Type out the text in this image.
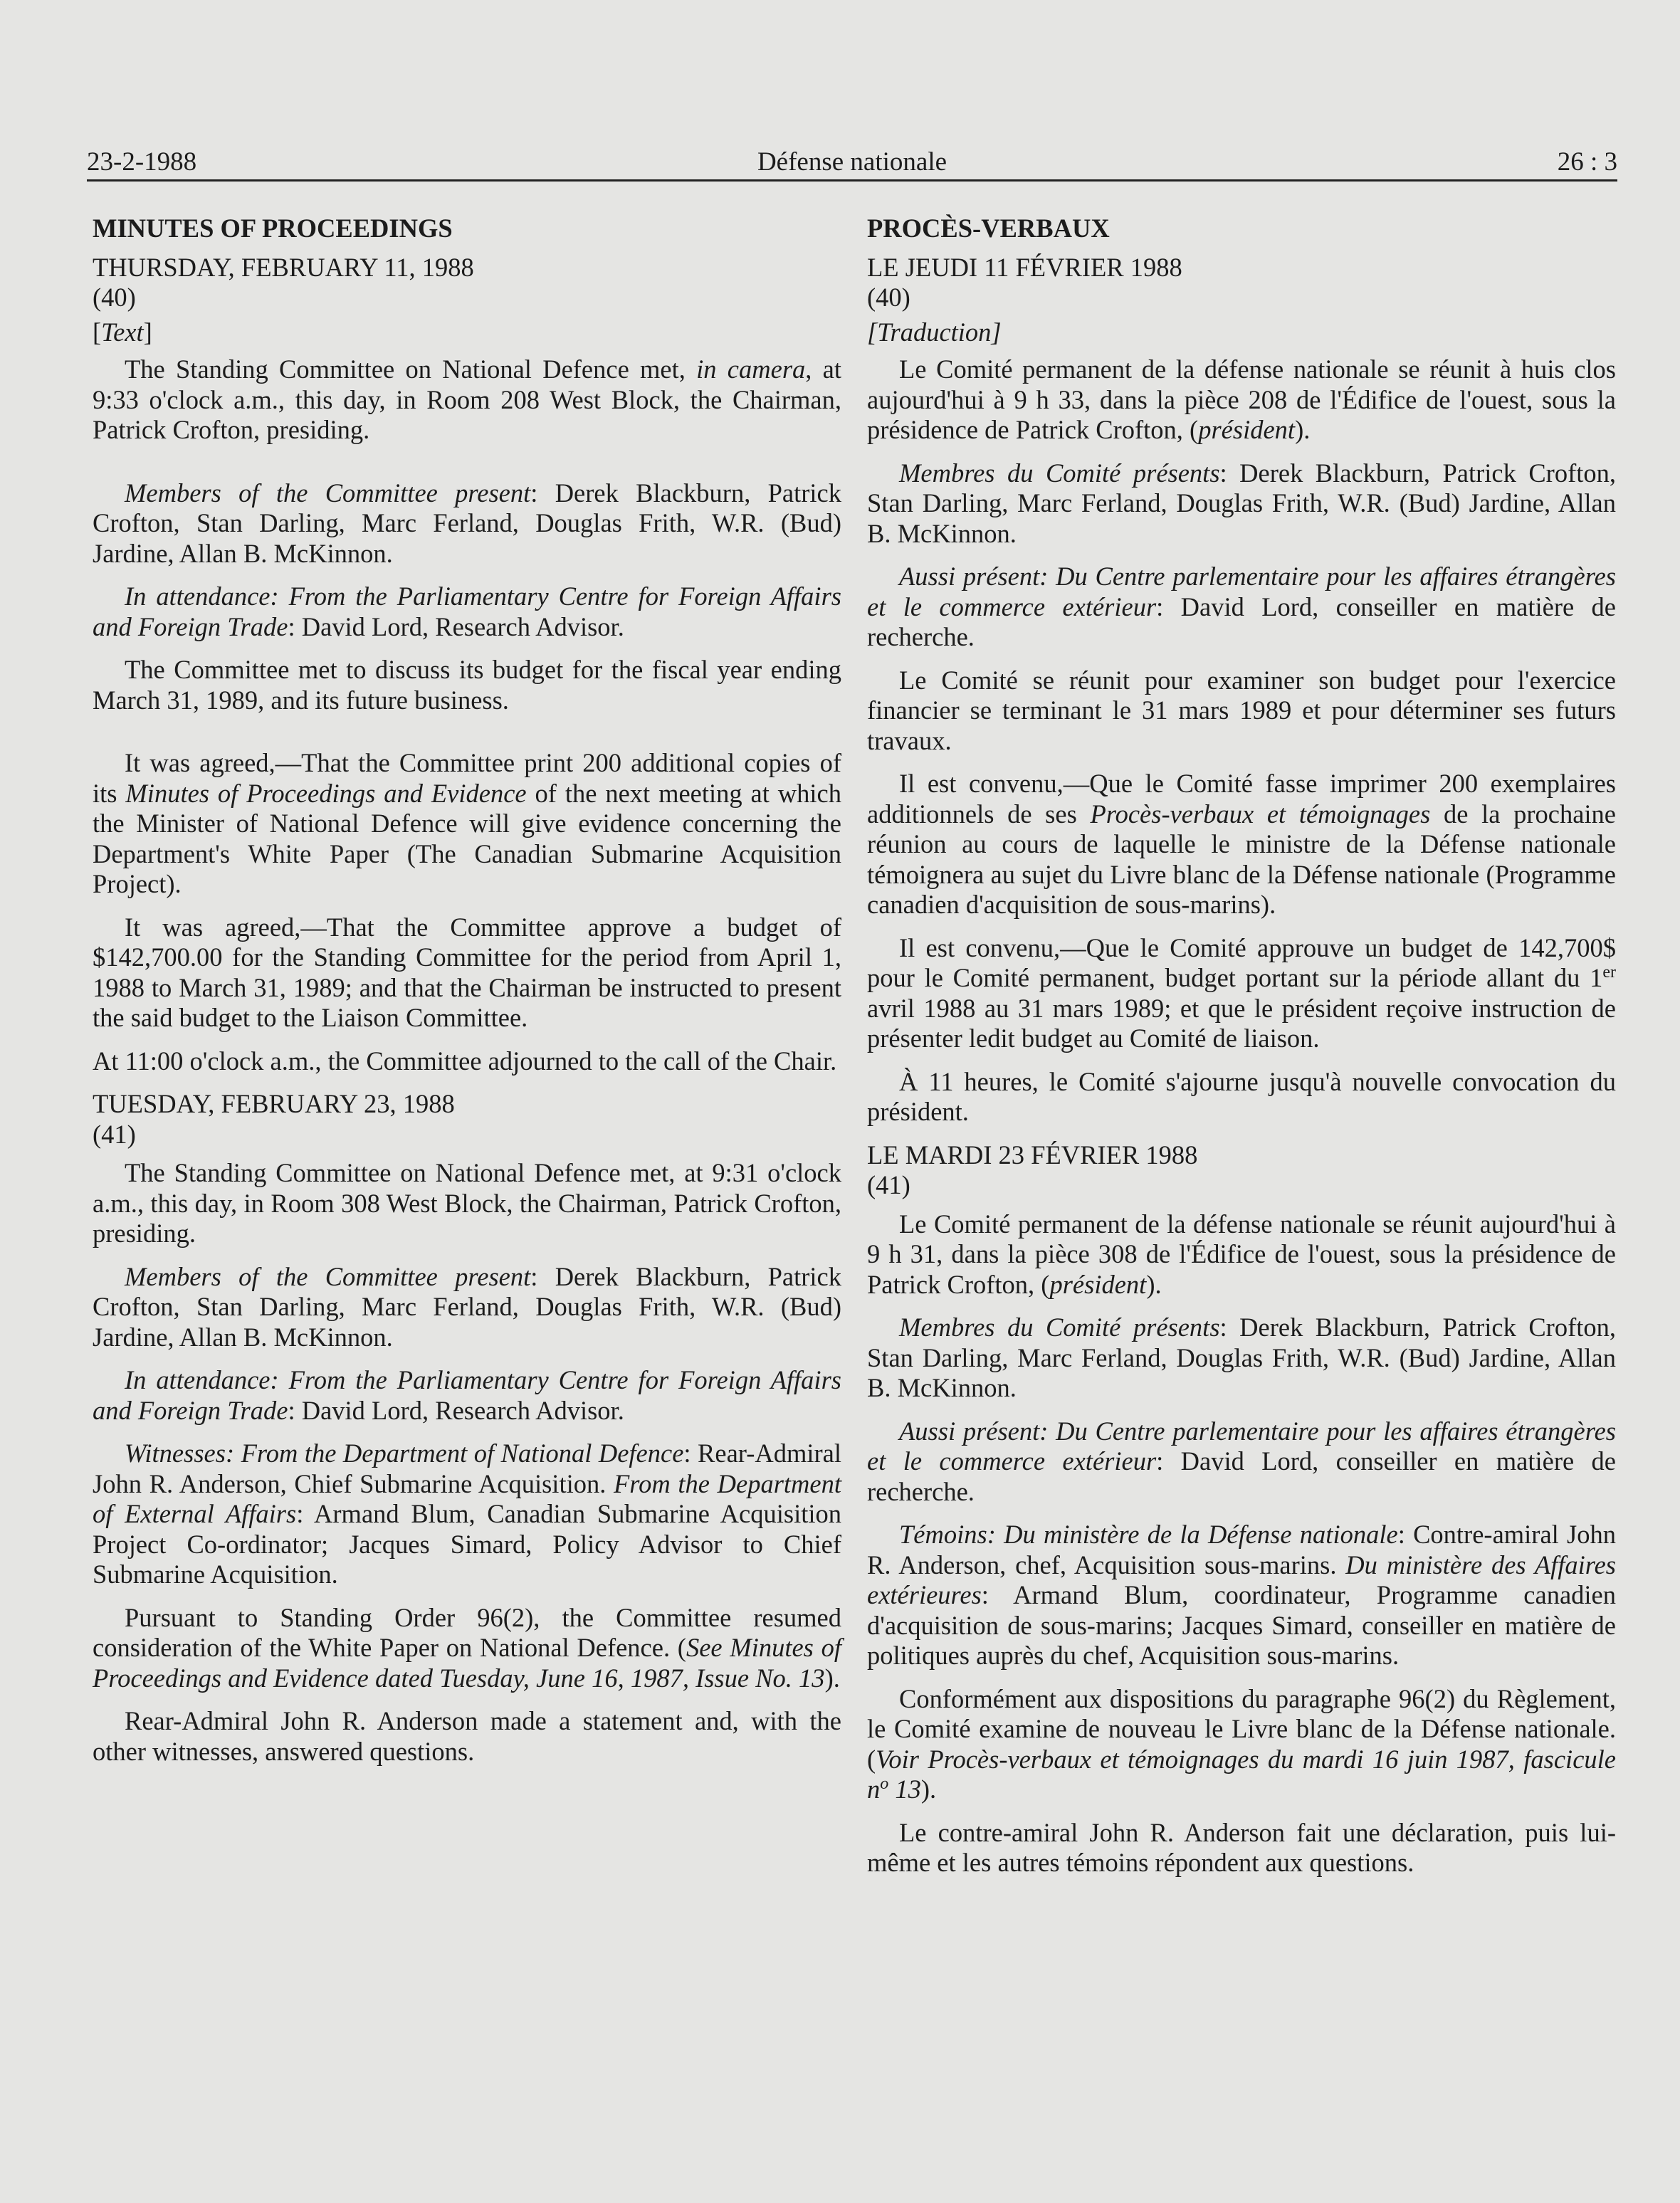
23-2-1988	Défense nationale	26 : 3

MINUTES OF PROCEEDINGS

THURSDAY, FEBRUARY 11, 1988

(40)

[Text]

The Standing Committee on National Defence met, in camera, at 9:33 o'clock a.m., this day, in Room 208 West Block, the Chairman, Patrick Crofton, presiding.

Members of the Committee present: Derek Blackburn, Patrick Crofton, Stan Darling, Marc Ferland, Douglas Frith, W.R. (Bud) Jardine, Allan B. McKinnon.

In attendance: From the Parliamentary Centre for Foreign Affairs and Foreign Trade: David Lord, Research Advisor.

The Committee met to discuss its budget for the fiscal year ending March 31, 1989, and its future business.

It was agreed,—That the Committee print 200 additional copies of its Minutes of Proceedings and Evidence of the next meeting at which the Minister of National Defence will give evidence concerning the Department's White Paper (The Canadian Submarine Acquisition Project).

It was agreed,—That the Committee approve a budget of $142,700.00 for the Standing Committee for the period from April 1, 1988 to March 31, 1989; and that the Chairman be instructed to present the said budget to the Liaison Committee.

At 11:00 o'clock a.m., the Committee adjourned to the call of the Chair.

TUESDAY, FEBRUARY 23, 1988

(41)

The Standing Committee on National Defence met, at 9:31 o'clock a.m., this day, in Room 308 West Block, the Chairman, Patrick Crofton, presiding.

Members of the Committee present: Derek Blackburn, Patrick Crofton, Stan Darling, Marc Ferland, Douglas Frith, W.R. (Bud) Jardine, Allan B. McKinnon.

In attendance: From the Parliamentary Centre for Foreign Affairs and Foreign Trade: David Lord, Research Advisor.

Witnesses: From the Department of National Defence: Rear-Admiral John R. Anderson, Chief Submarine Acquisition. From the Department of External Affairs: Armand Blum, Canadian Submarine Acquisition Project Co-ordinator; Jacques Simard, Policy Advisor to Chief Submarine Acquisition.

Pursuant to Standing Order 96(2), the Committee resumed consideration of the White Paper on National Defence. (See Minutes of Proceedings and Evidence dated Tuesday, June 16, 1987, Issue No. 13).

Rear-Admiral John R. Anderson made a statement and, with the other witnesses, answered questions.

PROCÈS-VERBAUX

LE JEUDI 11 FÉVRIER 1988

(40)

[Traduction]

Le Comité permanent de la défense nationale se réunit à huis clos aujourd'hui à 9 h 33, dans la pièce 208 de l'Édifice de l'ouest, sous la présidence de Patrick Crofton, (président).

Membres du Comité présents: Derek Blackburn, Patrick Crofton, Stan Darling, Marc Ferland, Douglas Frith, W.R. (Bud) Jardine, Allan B. McKinnon.

Aussi présent: Du Centre parlementaire pour les affaires étrangères et le commerce extérieur: David Lord, conseiller en matière de recherche.

Le Comité se réunit pour examiner son budget pour l'exercice financier se terminant le 31 mars 1989 et pour déterminer ses futurs travaux.

Il est convenu,—Que le Comité fasse imprimer 200 exemplaires additionnels de ses Procès-verbaux et témoignages de la prochaine réunion au cours de laquelle le ministre de la Défense nationale témoignera au sujet du Livre blanc de la Défense nationale (Programme canadien d'acquisition de sous-marins).

Il est convenu,—Que le Comité approuve un budget de 142,700$ pour le Comité permanent, budget portant sur la période allant du 1er avril 1988 au 31 mars 1989; et que le président reçoive instruction de présenter ledit budget au Comité de liaison.

À 11 heures, le Comité s'ajourne jusqu'à nouvelle convocation du président.

LE MARDI 23 FÉVRIER 1988

(41)

Le Comité permanent de la défense nationale se réunit aujourd'hui à 9 h 31, dans la pièce 308 de l'Édifice de l'ouest, sous la présidence de Patrick Crofton, (président).

Membres du Comité présents: Derek Blackburn, Patrick Crofton, Stan Darling, Marc Ferland, Douglas Frith, W.R. (Bud) Jardine, Allan B. McKinnon.

Aussi présent: Du Centre parlementaire pour les affaires étrangères et le commerce extérieur: David Lord, conseiller en matière de recherche.

Témoins: Du ministère de la Défense nationale: Contre-amiral John R. Anderson, chef, Acquisition sous-marins. Du ministère des Affaires extérieures: Armand Blum, coordinateur, Programme canadien d'acquisition de sous-marins; Jacques Simard, conseiller en matière de politiques auprès du chef, Acquisition sous-marins.

Conformément aux dispositions du paragraphe 96(2) du Règlement, le Comité examine de nouveau le Livre blanc de la Défense nationale. (Voir Procès-verbaux et témoignages du mardi 16 juin 1987, fascicule $n^o$ 13).

Le contre-amiral John R. Anderson fait une déclaration, puis lui-même et les autres témoins répondent aux questions.
